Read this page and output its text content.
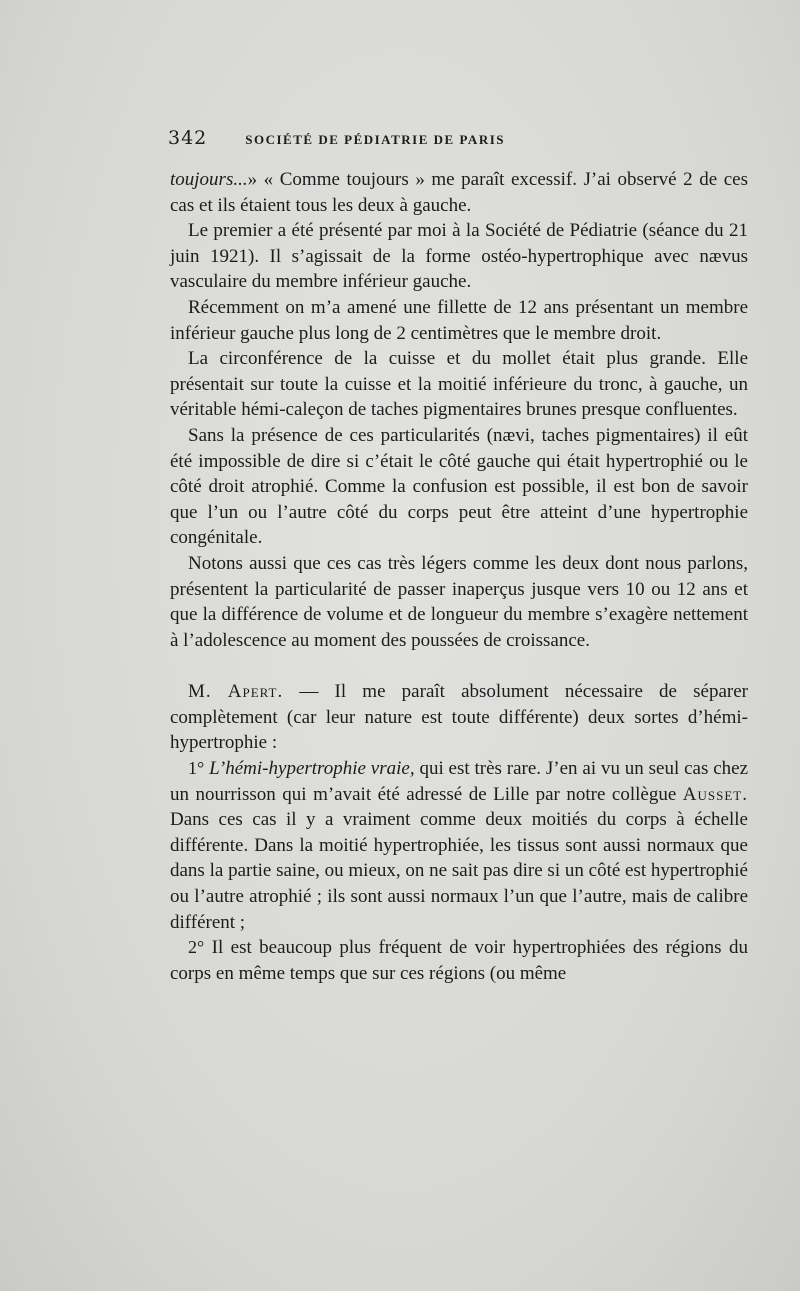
342	SOCIÉTÉ DE PÉDIATRIE DE PARIS

toujours...» « Comme toujours » me paraît excessif. J’ai observé 2 de ces cas et ils étaient tous les deux à gauche.

Le premier a été présenté par moi à la Société de Pédiatrie (séance du 21 juin 1921). Il s’agissait de la forme ostéo-hypertrophique avec nævus vasculaire du membre inférieur gauche.

Récemment on m’a amené une fillette de 12 ans présentant un membre inférieur gauche plus long de 2 centimètres que le membre droit.

La circonférence de la cuisse et du mollet était plus grande. Elle présentait sur toute la cuisse et la moitié inférieure du tronc, à gauche, un véritable hémi-caleçon de taches pigmentaires brunes presque confluentes.

Sans la présence de ces particularités (nævi, taches pigmentaires) il eût été impossible de dire si c’était le côté gauche qui était hypertrophié ou le côté droit atrophié. Comme la confusion est possible, il est bon de savoir que l’un ou l’autre côté du corps peut être atteint d’une hypertrophie congénitale.

Notons aussi que ces cas très légers comme les deux dont nous parlons, présentent la particularité de passer inaperçus jusque vers 10 ou 12 ans et que la différence de volume et de longueur du membre s’exagère nettement à l’adolescence au moment des poussées de croissance.

M. Apert. — Il me paraît absolument nécessaire de séparer complètement (car leur nature est toute différente) deux sortes d’hémi-hypertrophie :

1° L’hémi-hypertrophie vraie, qui est très rare. J’en ai vu un seul cas chez un nourrisson qui m’avait été adressé de Lille par notre collègue Ausset. Dans ces cas il y a vraiment comme deux moitiés du corps à échelle différente. Dans la moitié hypertrophiée, les tissus sont aussi normaux que dans la partie saine, ou mieux, on ne sait pas dire si un côté est hypertrophié ou l’autre atrophié ; ils sont aussi normaux l’un que l’autre, mais de calibre différent ;

2° Il est beaucoup plus fréquent de voir hypertrophiées des régions du corps en même temps que sur ces régions (ou même
